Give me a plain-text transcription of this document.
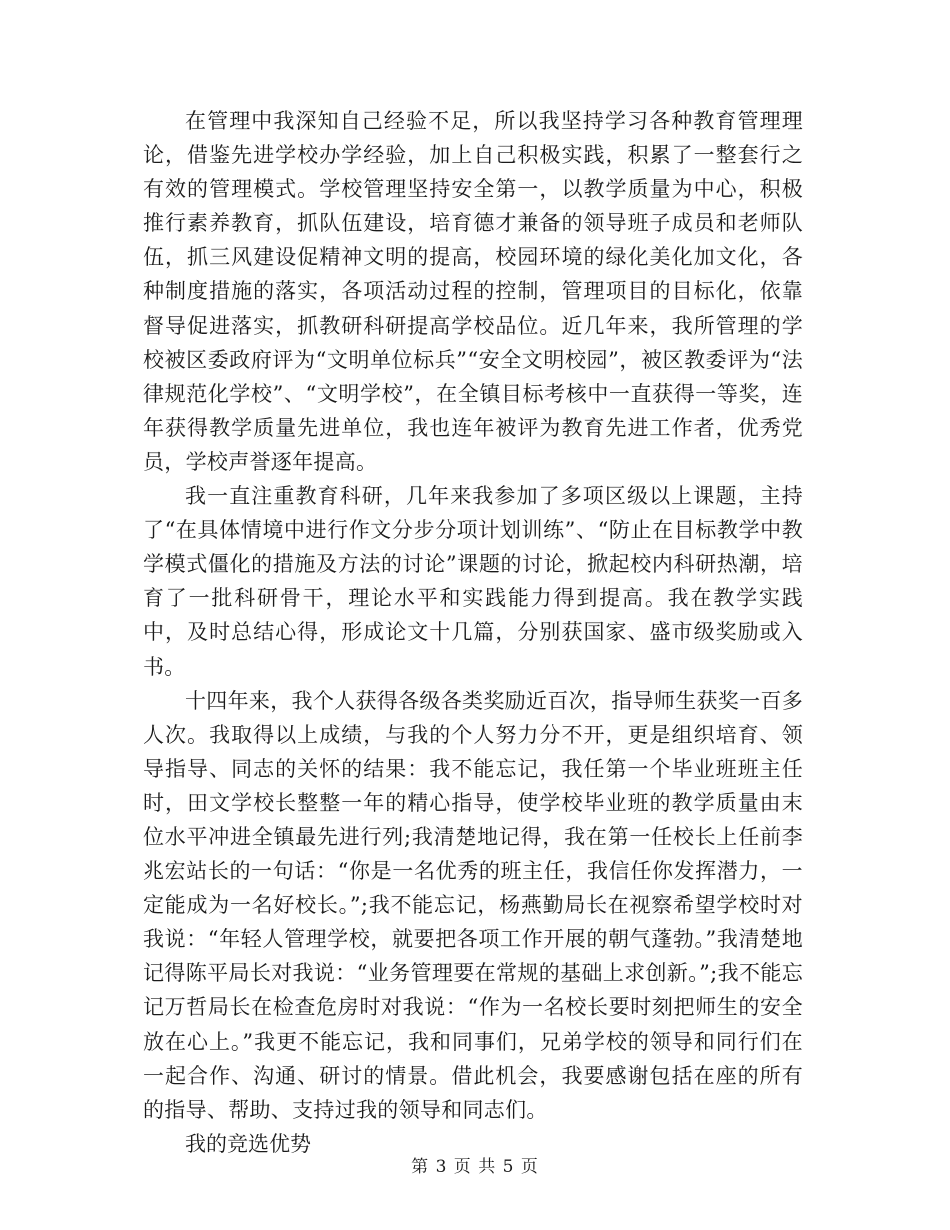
在管理中我深知自己经验不足，所以我坚持学习各种教育管理理论，借鉴先进学校办学经验，加上自己积极实践，积累了一整套行之有效的管理模式。学校管理坚持安全第一，以教学质量为中心，积极推行素养教育，抓队伍建设，培育德才兼备的领导班子成员和老师队伍，抓三风建设促精神文明的提高，校园环境的绿化美化加文化，各种制度措施的落实，各项活动过程的控制，管理项目的目标化，依靠督导促进落实，抓教研科研提高学校品位。近几年来，我所管理的学校被区委政府评为“文明单位标兵”“安全文明校园”，被区教委评为“法律规范化学校”、“文明学校”，在全镇目标考核中一直获得一等奖，连年获得教学质量先进单位，我也连年被评为教育先进工作者，优秀党员，学校声誉逐年提高。

我一直注重教育科研，几年来我参加了多项区级以上课题，主持了“在具体情境中进行作文分步分项计划训练”、“防止在目标教学中教学模式僵化的措施及方法的讨论”课题的讨论，掀起校内科研热潮，培育了一批科研骨干，理论水平和实践能力得到提高。我在教学实践中，及时总结心得，形成论文十几篇，分别获国家、盛市级奖励或入书。

十四年来，我个人获得各级各类奖励近百次，指导师生获奖一百多人次。我取得以上成绩，与我的个人努力分不开，更是组织培育、领导指导、同志的关怀的结果：我不能忘记，我任第一个毕业班班主任时，田文学校长整整一年的精心指导，使学校毕业班的教学质量由末位水平冲进全镇最先进行列;我清楚地记得，我在第一任校长上任前李兆宏站长的一句话：“你是一名优秀的班主任，我信任你发挥潜力，一定能成为一名好校长。”;我不能忘记，杨燕勤局长在视察希望学校时对我说：“年轻人管理学校，就要把各项工作开展的朝气蓬勃。”我清楚地记得陈平局长对我说：“业务管理要在常规的基础上求创新。”;我不能忘记万哲局长在检查危房时对我说：“作为一名校长要时刻把师生的安全放在心上。”我更不能忘记，我和同事们，兄弟学校的领导和同行们在一起合作、沟通、研讨的情景。借此机会，我要感谢包括在座的所有的指导、帮助、支持过我的领导和同志们。

我的竞选优势

第 3 页 共 5 页
